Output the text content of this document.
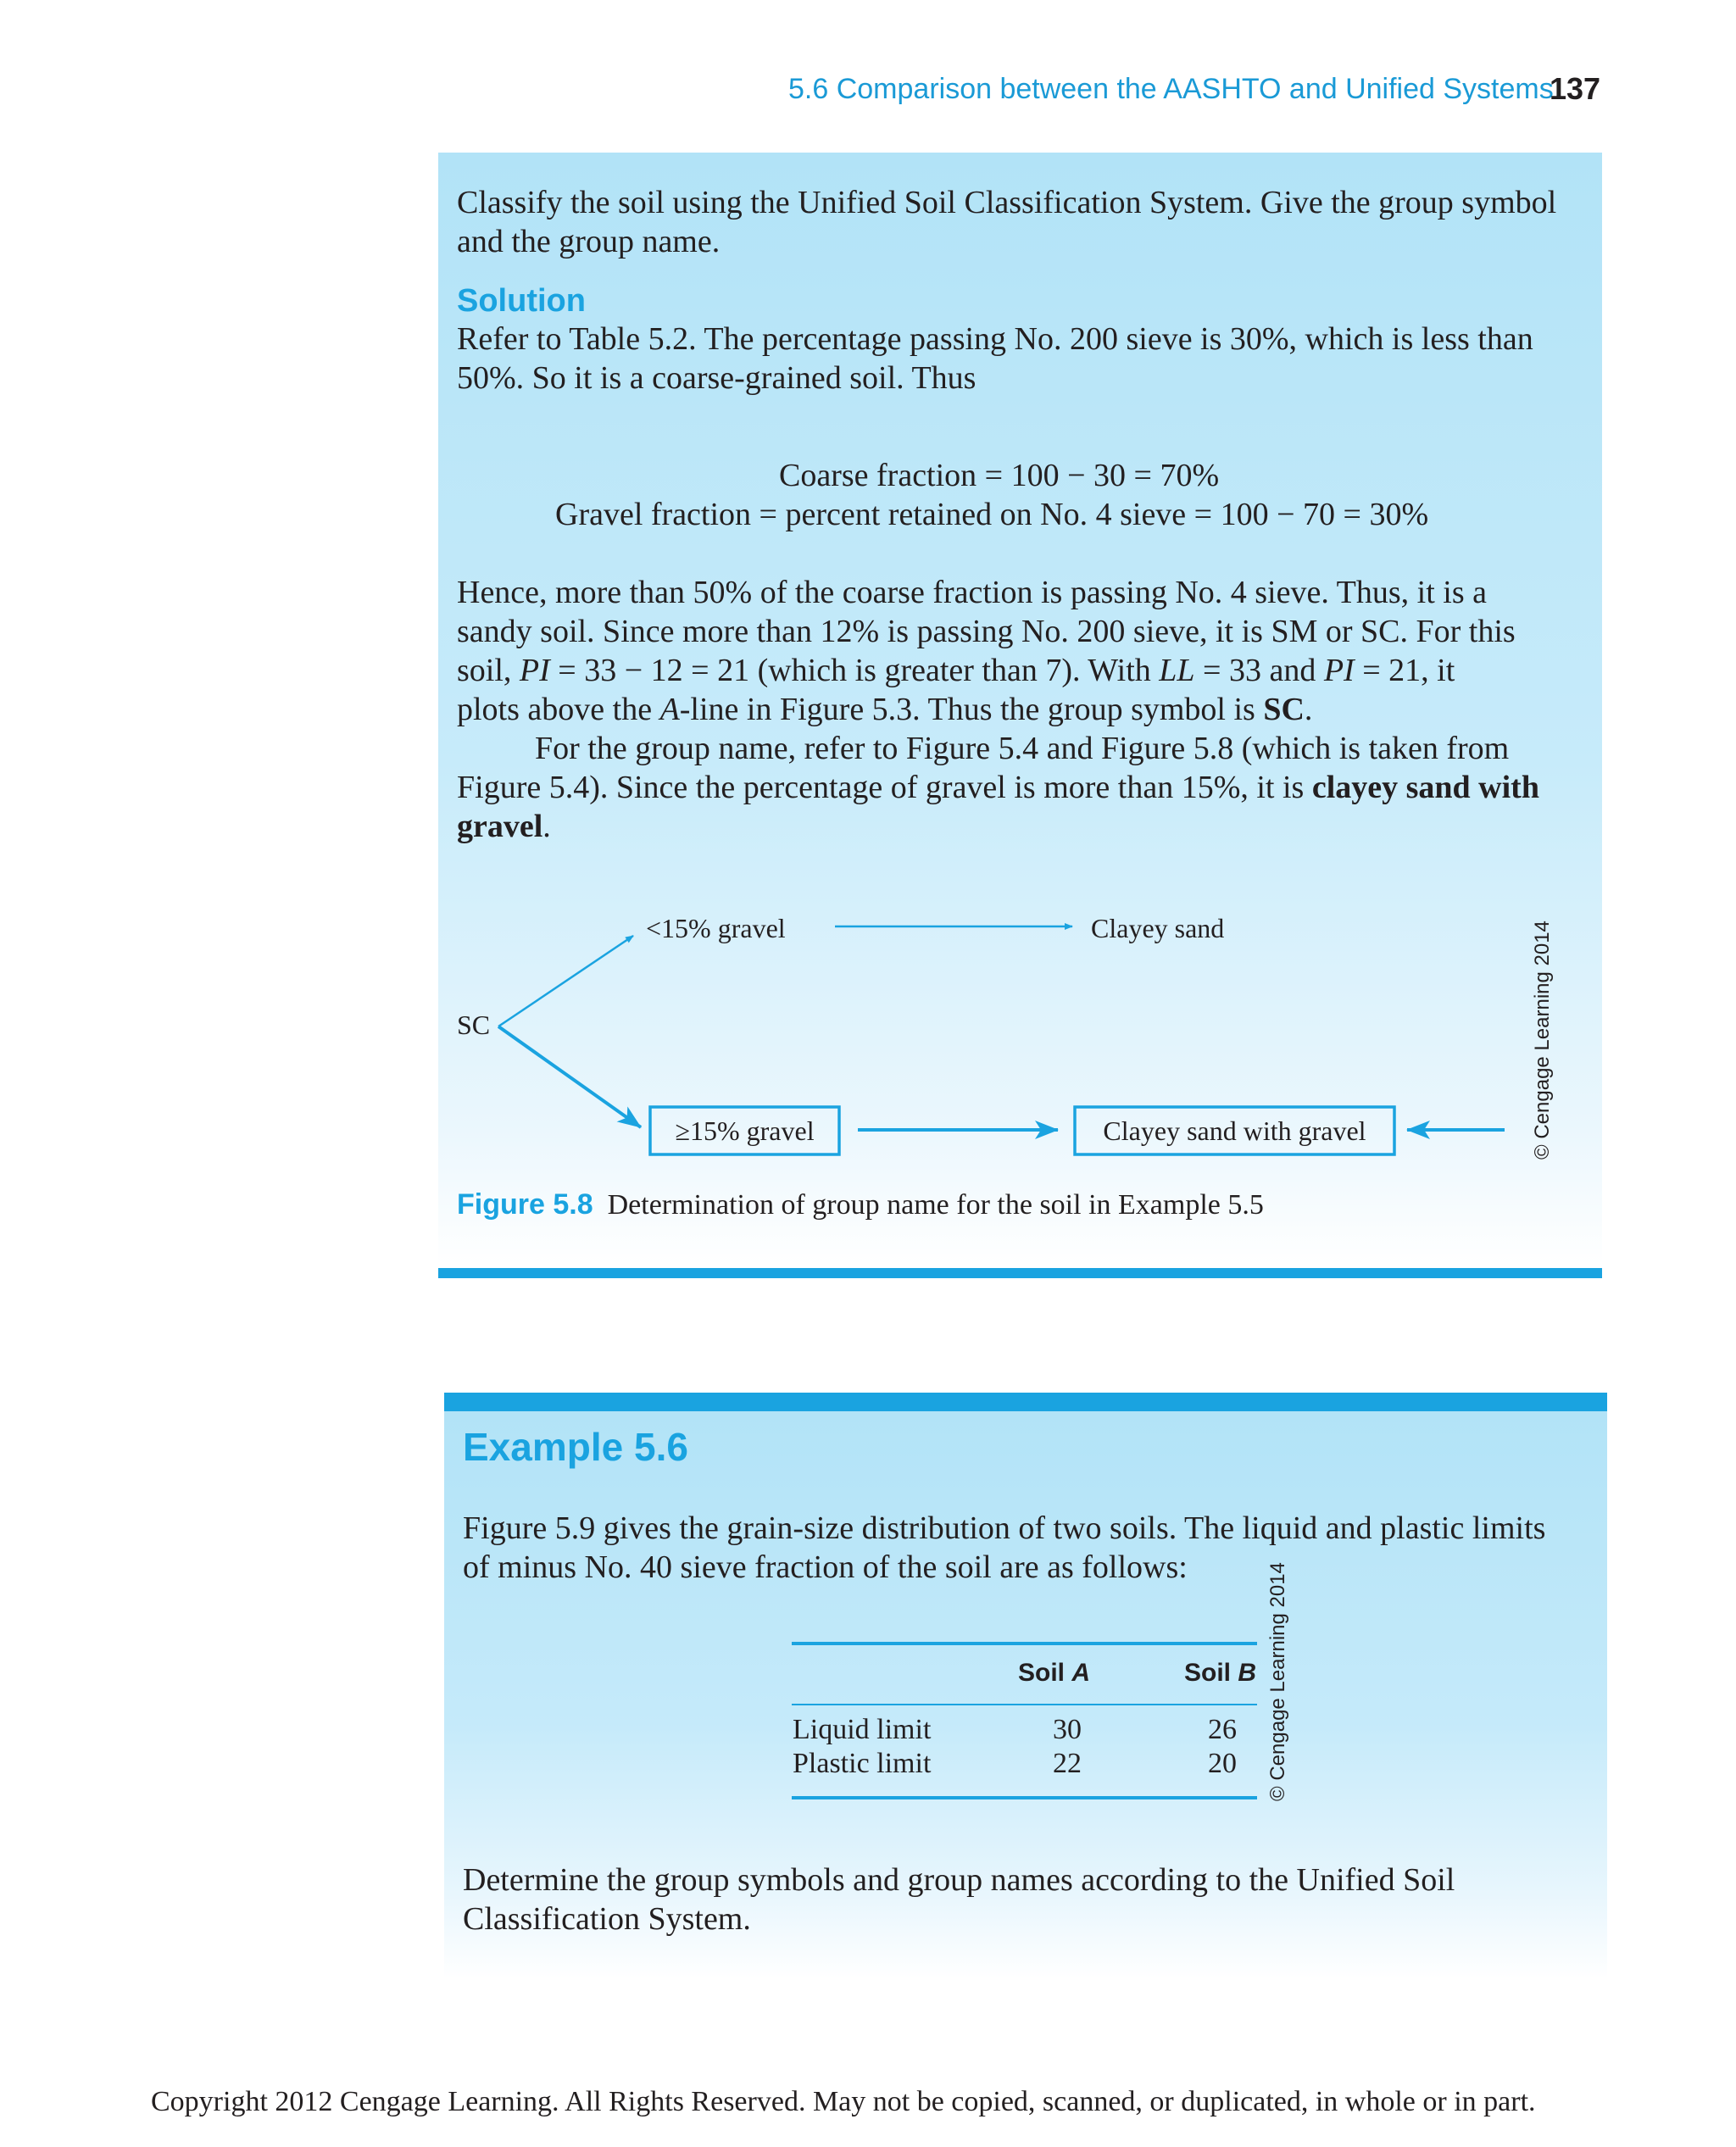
5.6 Comparison between the AASHTO and Unified Systems
137

Classify the soil using the Unified Soil Classification System. Give the group symbol

and the group name.

Solution

Refer to Table 5.2. The percentage passing No. 200 sieve is 30%, which is less than

50%. So it is a coarse-grained soil. Thus

Coarse fraction = 100 − 30 = 70%
Gravel fraction = percent retained on No. 4 sieve = 100 − 70 = 30%

Hence, more than 50% of the coarse fraction is passing No. 4 sieve. Thus, it is a

sandy soil. Since more than 12% is passing No. 200 sieve, it is SM or SC. For this

soil, PI = 33 − 12 = 21 (which is greater than 7). With LL = 33 and PI = 21, it

plots above the A-line in Figure 5.3. Thus the group symbol is SC.

For the group name, refer to Figure 5.4 and Figure 5.8 (which is taken from

Figure 5.4). Since the percentage of gravel is more than 15%, it is clayey sand with

gravel.

SC
<15% gravel	Clayey sand
≥15% gravel	Clayey sand with gravel	© Cengage Learning 2014
Figure 5.8 Determination of group name for the soil in Example 5.5
Example 5.6

Figure 5.9 gives the grain-size distribution of two soils. The liquid and plastic limits

of minus No. 40 sieve fraction of the soil are as follows:

	Soil A	Soil B
Liquid limit	30	26
Plastic limit	22	20 © Cengage Learning 2014

Determine the group symbols and group names according to the Unified Soil

Classification System.

Copyright 2012 Cengage Learning. All Rights Reserved. May not be copied, scanned, or duplicated, in whole or in part.
